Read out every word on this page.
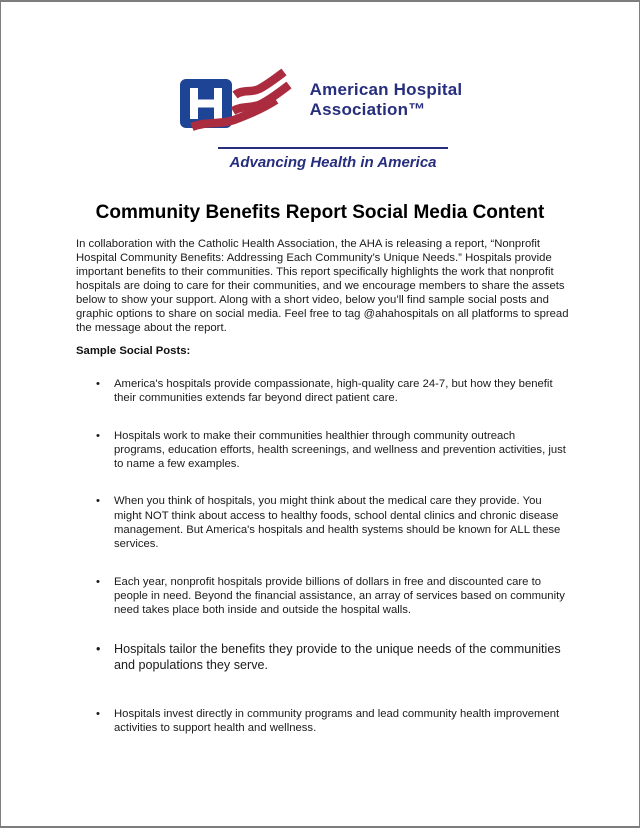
American Hospital
Association™
Advancing Health in America
Community Benefits Report Social Media Content

In collaboration with the Catholic Health Association, the AHA is releasing a report, “Nonprofit Hospital Community Benefits: Addressing Each Community’s Unique Needs.” Hospitals provide important benefits to their communities. This report specifically highlights the work that nonprofit hospitals are doing to care for their communities, and we encourage members to share the assets below to show your support. Along with a short video, below you’ll find sample social posts and graphic options to share on social media. Feel free to tag @ahahospitals on all platforms to spread the message about the report.

Sample Social Posts:
• America's hospitals provide compassionate, high-quality care 24-7, but how they benefit their communities extends far beyond direct patient care.
• Hospitals work to make their communities healthier through community outreach programs, education efforts, health screenings, and wellness and prevention activities, just to name a few examples.
• When you think of hospitals, you might think about the medical care they provide. You might NOT think about access to healthy foods, school dental clinics and chronic disease management. But America's hospitals and health systems should be known for ALL these services.
• Each year, nonprofit hospitals provide billions of dollars in free and discounted care to people in need. Beyond the financial assistance, an array of services based on community need takes place both inside and outside the hospital walls.
• Hospitals tailor the benefits they provide to the unique needs of the communities and populations they serve.
• Hospitals invest directly in community programs and lead community health improvement activities to support health and wellness.
